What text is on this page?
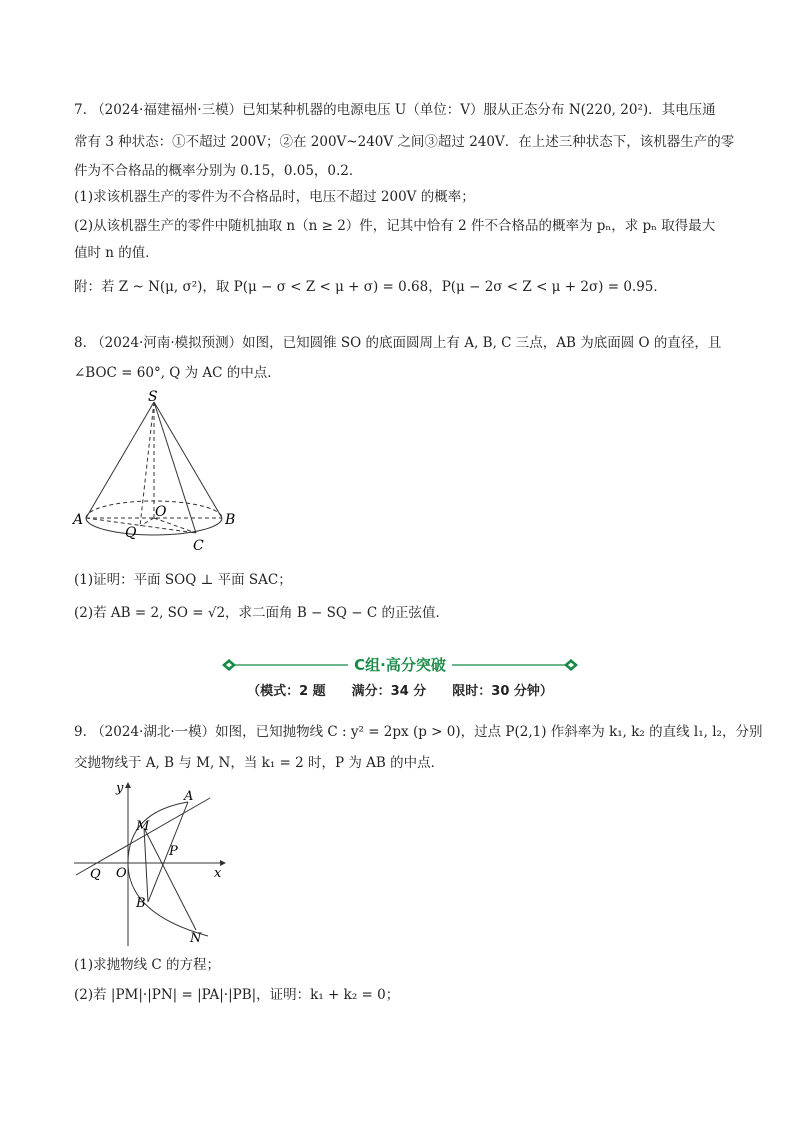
7. （2024·福建福州·三模）已知某种机器的电源电压 U（单位：V）服从正态分布 N(220, 20²)．其电压通
常有 3 种状态：①不超过 200V；②在 200V~240V 之间③超过 240V．在上述三种状态下，该机器生产的零
件为不合格品的概率分别为 0.15，0.05，0.2．
(1)求该机器生产的零件为不合格品时，电压不超过 200V 的概率；
(2)从该机器生产的零件中随机抽取 n（n ≥ 2）件，记其中恰有 2 件不合格品的概率为 pₙ，求 pₙ 取得最大
值时 n 的值．
附：若 Z ~ N(μ, σ²)，取 P(μ − σ < Z < μ + σ) = 0.68，P(μ − 2σ < Z < μ + 2σ) = 0.95．
8. （2024·河南·模拟预测）如图，已知圆锥 SO 的底面圆周上有 A, B, C 三点，AB 为底面圆 O 的直径，且
∠BOC = 60°, Q 为 AC 的中点．
S
A	B
O
Q
C
(1)证明：平面 SOQ ⊥ 平面 SAC；
(2)若 AB = 2, SO = √2，求二面角 B − SQ − C 的正弦值．
C组·高分突破
（模式：2 题　　满分：34 分　　限时：30 分钟）
9. （2024·湖北·一模）如图，已知抛物线 C : y² = 2px (p > 0)，过点 P(2,1) 作斜率为 k₁, k₂ 的直线 l₁, l₂，分别
交抛物线于 A, B 与 M, N，当 k₁ = 2 时，P 为 AB 的中点．
y
x
A
M
P
Q O
B
N
(1)求抛物线 C 的方程；
(2)若 |PM|·|PN| = |PA|·|PB|，证明：k₁ + k₂ = 0；
